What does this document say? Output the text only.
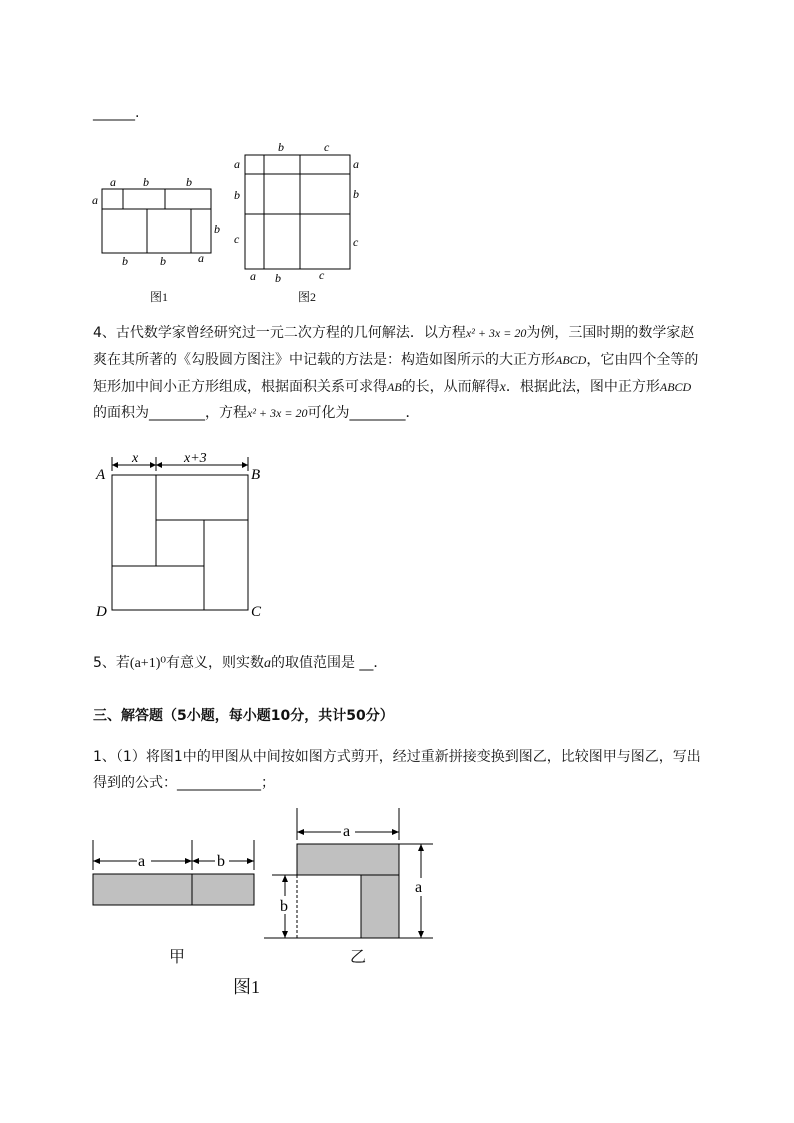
______.
a b	b
a
b
b	b	a
图1
b	c
a
b
c
a
b
c
a b	c
图2
4、古代数学家曾经研究过一元二次方程的几何解法．以方程x² + 3x = 20为例，三国时期的数学家赵
爽在其所著的《勾股圆方图注》中记载的方法是：构造如图所示的大正方形ABCD，它由四个全等的
矩形加中间小正方形组成，根据面积关系可求得AB的长，从而解得x．根据此法，图中正方形ABCD
的面积为________，方程x² + 3x = 20可化为________．
x	x+3
A	B
D	C
5、若(a+1)⁰有意义，则实数a的取值范围是 __．
三、解答题（5小题，每小题10分，共计50分）
1、（1）将图1中的甲图从中间按如图方式剪开，经过重新拼接变换到图乙，比较图甲与图乙，写出
得到的公式：____________；
a	b
a
b
a
甲	乙
图1
